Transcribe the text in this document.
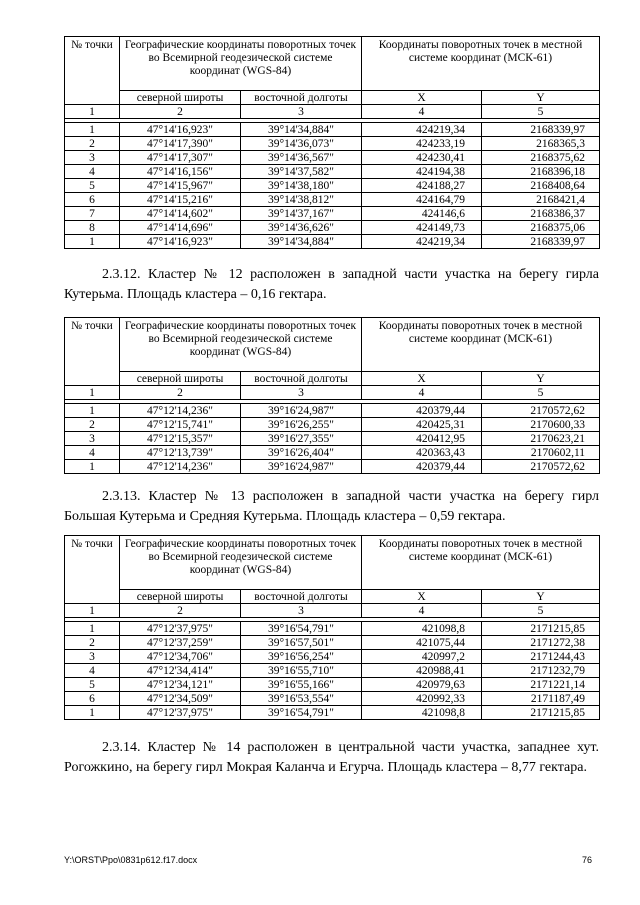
№ точки	Географические координаты поворотных точек во Всемирной геодезической системе координат (WGS-84)		Координаты поворотных точек в местной системе координат (МСК-61)	
	северной широты	восточной долготы	X	Y
1	2	3	4	5

1	47°14'16,923"	39°14'34,884"	424219,34	2168339,97
2	47°14'17,390"	39°14'36,073"	424233,19	2168365,3
3	47°14'17,307"	39°14'36,567"	424230,41	2168375,62
4	47°14'16,156"	39°14'37,582"	424194,38	2168396,18
5	47°14'15,967"	39°14'38,180"	424188,27	2168408,64
6	47°14'15,216"	39°14'38,812"	424164,79	2168421,4
7	47°14'14,602"	39°14'37,167"	424146,6	2168386,37
8	47°14'14,696"	39°14'36,626"	424149,73	2168375,06
1	47°14'16,923"	39°14'34,884"	424219,34	2168339,97

2.3.12. Кластер № 12 расположен в западной части участка на берегу гирла Кутерьма. Площадь кластера – 0,16 гектара.

№ точки	Географические координаты поворотных точек во Всемирной геодезической системе координат (WGS-84)		Координаты поворотных точек в местной системе координат (МСК-61)	
	северной широты	восточной долготы	X	Y
1	2	3	4	5

1	47°12'14,236"	39°16'24,987"	420379,44	2170572,62
2	47°12'15,741"	39°16'26,255"	420425,31	2170600,33
3	47°12'15,357"	39°16'27,355"	420412,95	2170623,21
4	47°12'13,739"	39°16'26,404"	420363,43	2170602,11
1	47°12'14,236"	39°16'24,987"	420379,44	2170572,62

2.3.13. Кластер № 13 расположен в западной части участка на берегу гирл Большая Кутерьма и Средняя Кутерьма. Площадь кластера – 0,59 гектара.

№ точки	Географические координаты поворотных точек во Всемирной геодезической системе координат (WGS-84)		Координаты поворотных точек в местной системе координат (МСК-61)	
	северной широты	восточной долготы	X	Y
1	2	3	4	5

1	47°12'37,975"	39°16'54,791"	421098,8	2171215,85
2	47°12'37,259"	39°16'57,501"	421075,44	2171272,38
3	47°12'34,706"	39°16'56,254"	420997,2	2171244,43
4	47°12'34,414"	39°16'55,710"	420988,41	2171232,79
5	47°12'34,121"	39°16'55,166"	420979,63	2171221,14
6	47°12'34,509"	39°16'53,554"	420992,33	2171187,49
1	47°12'37,975"	39°16'54,791"	421098,8	2171215,85

2.3.14. Кластер № 14 расположен в центральной части участка, западнее хут. Рогожкино, на берегу гирл Мокрая Каланча и Егурча. Площадь кластера – 8,77 гектара.

Y:\ORST\Ppo\0831p612.f17.docx	76
